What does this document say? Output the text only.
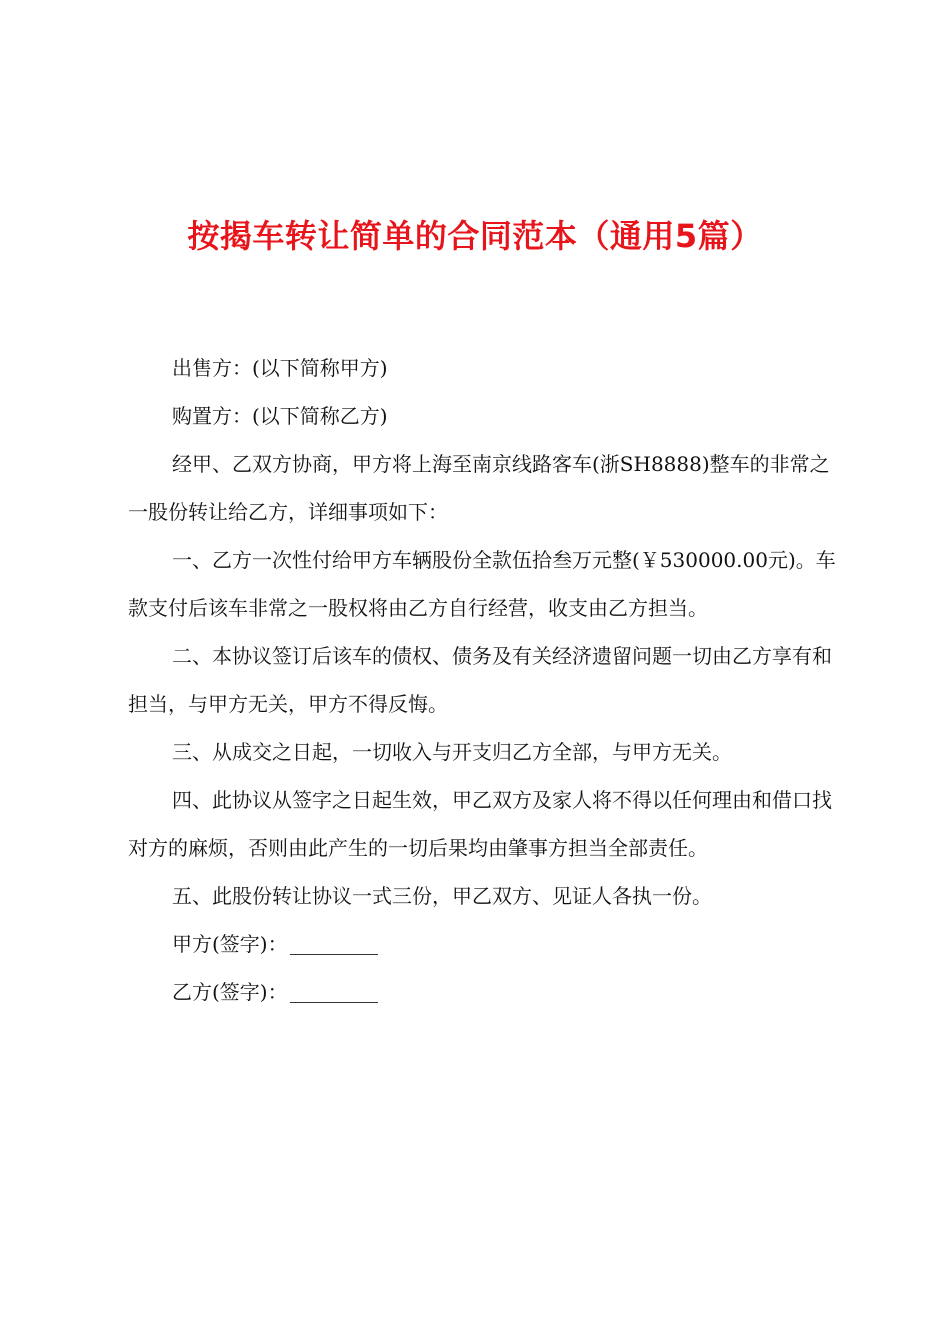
按揭车转让简单的合同范本（通用5篇）

出售方：(以下简称甲方)

购置方：(以下简称乙方)

经甲、乙双方协商，甲方将上海至南京线路客车(浙SH8888)整车的非常之一股份转让给乙方，详细事项如下：

一、乙方一次性付给甲方车辆股份全款伍拾叁万元整(￥530000.00元)。车款支付后该车非常之一股权将由乙方自行经营，收支由乙方担当。

二、本协议签订后该车的债权、债务及有关经济遗留问题一切由乙方享有和担当，与甲方无关，甲方不得反悔。

三、从成交之日起，一切收入与开支归乙方全部，与甲方无关。

四、此协议从签字之日起生效，甲乙双方及家人将不得以任何理由和借口找对方的麻烦，否则由此产生的一切后果均由肇事方担当全部责任。

五、此股份转让协议一式三份，甲乙双方、见证人各执一份。

甲方(签字)：

乙方(签字)：
